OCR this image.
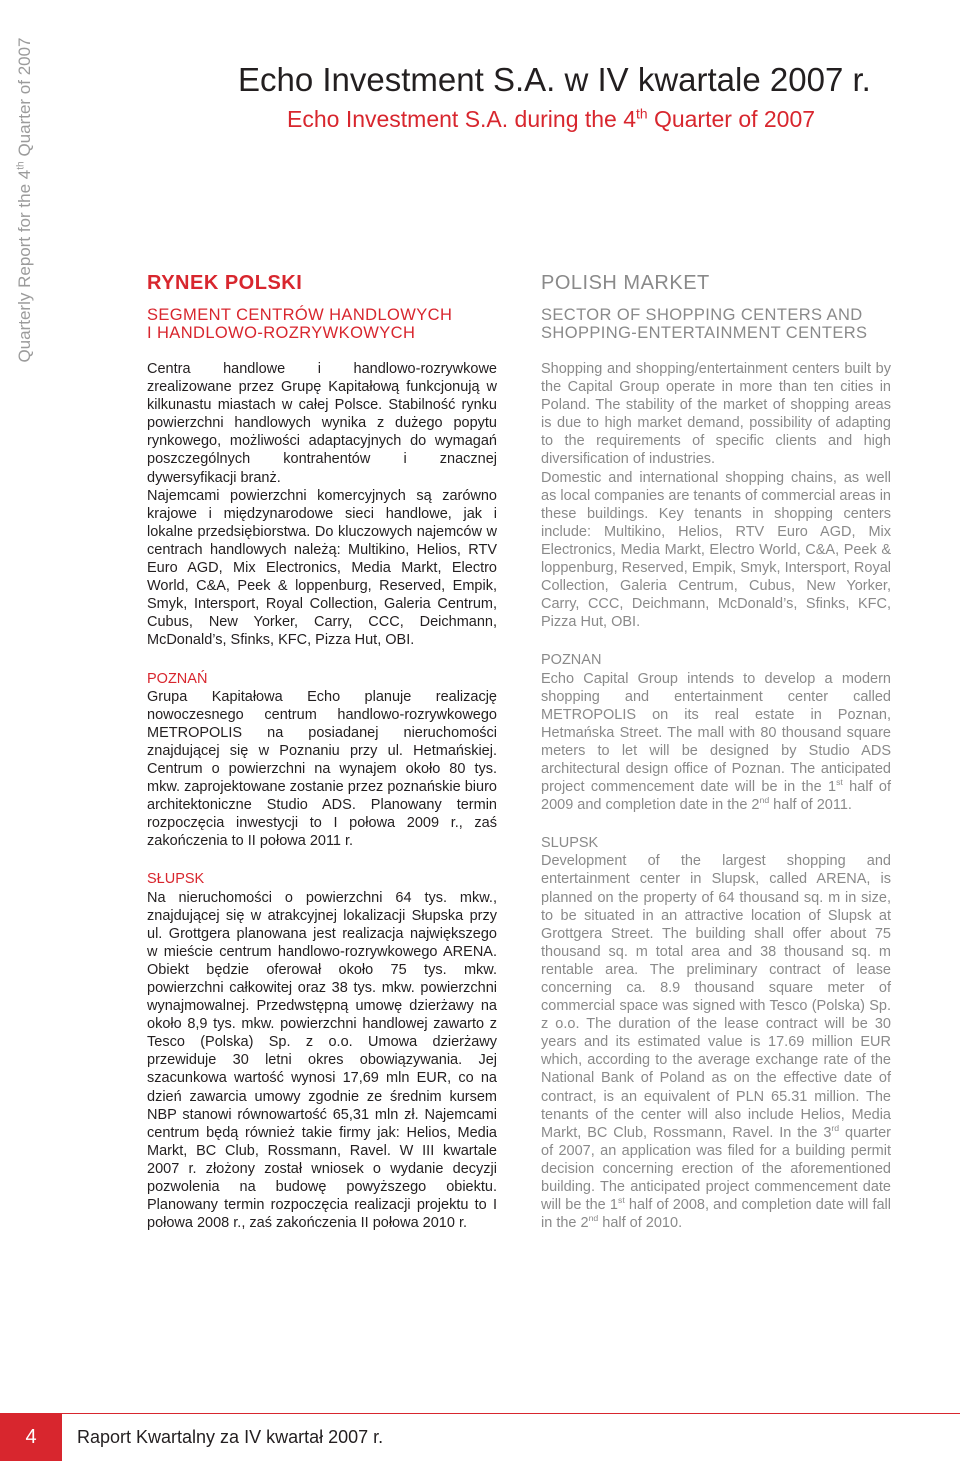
Echo Investment S.A. w IV kwartale 2007 r.
Echo Investment S.A. during the 4th Quarter of 2007
Quarterly Report for the 4th Quarter of 2007
RYNEK POLSKI
SEGMENT CENTRÓW HANDLOWYCH
I HANDLOWO-ROZRYWKOWYCH

Centra handlowe i handlowo-rozrywkowe zrealizowane przez Grupę Kapitałową funkcjonują w kilkunastu miastach w całej Polsce. Stabilność rynku powierzchni handlowych wynika z dużego popytu rynkowego, możliwości adaptacyjnych do wymagań poszczególnych kontrahentów i znacznej dywersyfikacji branż.

Najemcami powierzchni komercyjnych są zarówno krajowe i międzynarodowe sieci handlowe, jak i lokalne przedsiębiorstwa. Do kluczowych najemców w centrach handlowych należą: Multikino, Helios, RTV Euro AGD, Mix Electronics, Media Markt, Electro World, C&A, Peek & loppenburg, Reserved, Empik, Smyk, Intersport, Royal Collection, Galeria Centrum, Cubus, New Yorker, Carry, CCC, Deichmann, McDonald’s, Sfinks, KFC, Pizza Hut, OBI.

POZNAŃ

Grupa Kapitałowa Echo planuje realizację nowoczesnego centrum handlowo-rozrywkowego METROPOLIS na posiadanej nieruchomości znajdującej się w Poznaniu przy ul. Hetmańskiej. Centrum o powierzchni na wynajem około 80 tys. mkw. zaprojektowane zostanie przez poznańskie biuro architektoniczne Studio ADS. Planowany termin rozpoczęcia inwestycji to I połowa 2009 r., zaś zakończenia to II połowa 2011 r.

SŁUPSK

Na nieruchomości o powierzchni 64 tys. mkw., znajdującej się w atrakcyjnej lokalizacji Słupska przy ul. Grottgera planowana jest realizacja największego w mieście centrum handlowo-rozrywkowego ARENA. Obiekt będzie oferował około 75 tys. mkw. powierzchni całkowitej oraz 38 tys. mkw. powierzchni wynajmowalnej. Przedwstępną umowę dzierżawy na około 8,9 tys. mkw. powierzchni handlowej zawarto z Tesco (Polska) Sp. z o.o. Umowa dzierżawy przewiduje 30 letni okres obowiązywania. Jej szacunkowa wartość wynosi 17,69 mln EUR, co na dzień zawarcia umowy zgodnie ze średnim kursem NBP stanowi równowartość 65,31 mln zł. Najemcami centrum będą również takie firmy jak: Helios, Media Markt, BC Club, Rossmann, Ravel. W III kwartale 2007 r. złożony został wniosek o wydanie decyzji pozwolenia na budowę powyższego obiektu. Planowany termin rozpoczęcia realizacji projektu to I połowa 2008 r., zaś zakończenia II połowa 2010 r.

POLISH MARKET
SECTOR OF SHOPPING CENTERS AND
SHOPPING-ENTERTAINMENT CENTERS

Shopping and shopping/entertainment centers built by the Capital Group operate in more than ten cities in Poland. The stability of the market of shopping areas is due to high market demand, possibility of adapting to the requirements of specific clients and high diversification of industries.

Domestic and international shopping chains, as well as local companies are tenants of commercial areas in these buildings. Key tenants in shopping centers include: Multikino, Helios, RTV Euro AGD, Mix Electronics, Media Markt, Electro World, C&A, Peek & loppenburg, Reserved, Empik, Smyk, Intersport, Royal Collection, Galeria Centrum, Cubus, New Yorker, Carry, CCC, Deichmann, McDonald’s, Sfinks, KFC, Pizza Hut, OBI.

POZNAN

Echo Capital Group intends to develop a modern shopping and entertainment center called METROPOLIS on its real estate in Poznan, Hetmańska Street. The mall with 80 thousand square meters to let will be designed by Studio ADS architectural design office of Poznan. The anticipated project commencement date will be in the 1st half of 2009 and completion date in the 2nd half of 2011.

SLUPSK

Development of the largest shopping and entertainment center in Slupsk, called ARENA, is planned on the property of 64 thousand sq. m in size, to be situated in an attractive location of Slupsk at Grottgera Street. The building shall offer about 75 thousand sq. m total area and 38 thousand sq. m rentable area. The preliminary contract of lease concerning ca. 8.9 thousand square meter of commercial space was signed with Tesco (Polska) Sp. z o.o. The duration of the lease contract will be 30 years and its estimated value is 17.69 million EUR which, according to the average exchange rate of the National Bank of Poland as on the effective date of contract, is an equivalent of PLN 65.31 million. The tenants of the center will also include Helios, Media Markt, BC Club, Rossmann, Ravel. In the 3rd quarter of 2007, an application was filed for a building permit decision concerning erection of the aforementioned building. The anticipated project commencement date will be the 1st half of 2008, and completion date will fall in the 2nd half of 2010.

4	Raport Kwartalny za IV kwartał 2007 r.
